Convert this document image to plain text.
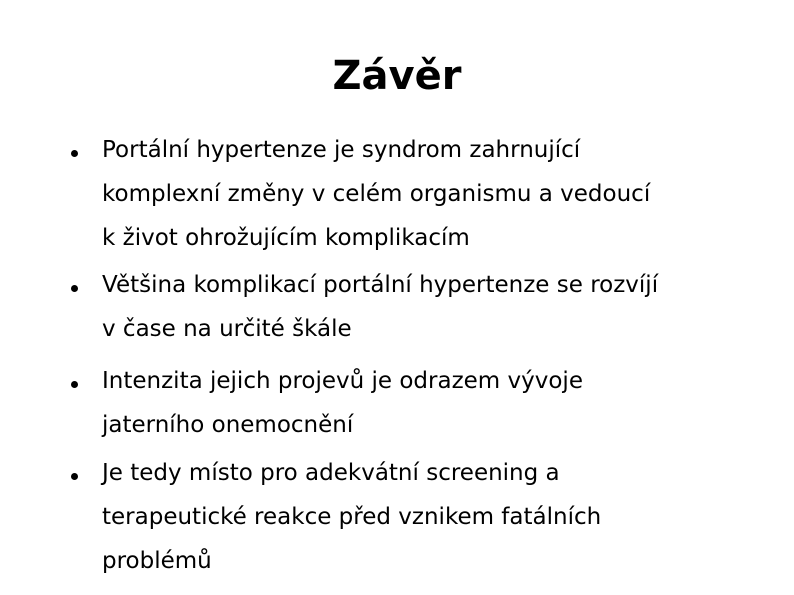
Závěr

Portální hypertenze je syndrom zahrnující
komplexní změny v celém organismu a vedoucí
k život ohrožujícím komplikacím

Většina komplikací portální hypertenze se rozvíjí
v čase na určité škále

Intenzita jejich projevů je odrazem vývoje
jaterního onemocnění

Je tedy místo pro adekvátní screening a
terapeutické reakce před vznikem fatálních
problémů
